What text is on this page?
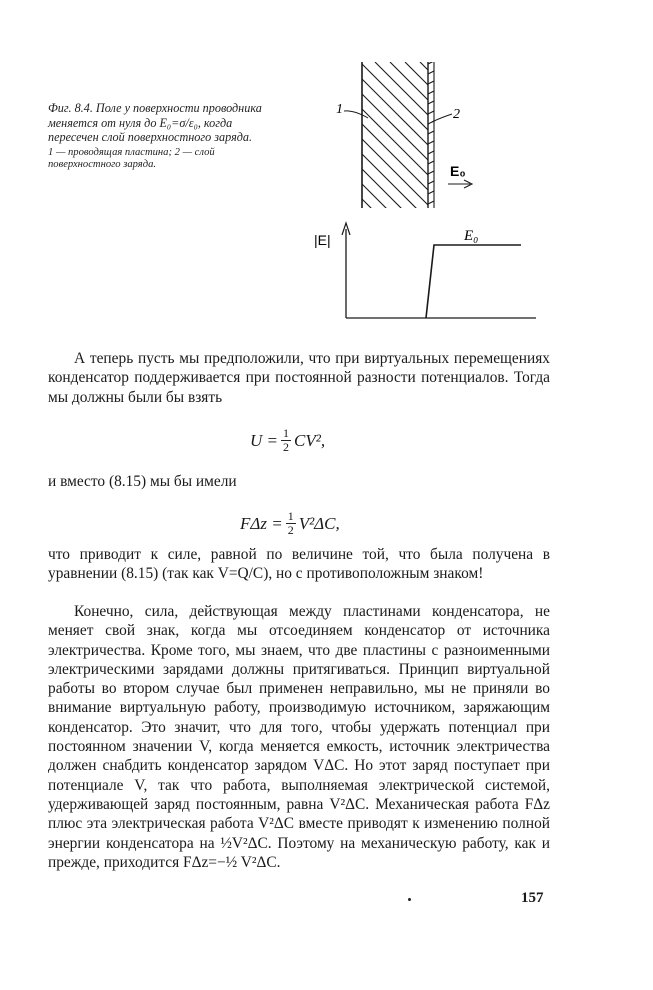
Фиг. 8.4. Поле у поверхности проводника меняется от нуля до E₀=σ/ε₀, когда пересечен слой поверхностного заряда.
1 — проводящая пластина; 2 — слой поверхностного заряда.
1	2
E₀
|E|	E₀

А теперь пусть мы предположили, что при виртуальных перемещениях конденсатор поддерживается при постоянной разности потенциалов. Тогда мы должны были бы взять

$U = \frac{1}{2} CV^2$,

и вместо (8.15) мы бы имели

$F\Delta z = \frac{1}{2} V^2\Delta C$,

что приводит к силе, равной по величине той, что была получена в уравнении (8.15) (так как V=Q/C), но с противоположным знаком!

Конечно, сила, действующая между пластинами конденсатора, не меняет свой знак, когда мы отсоединяем конденсатор от источника электричества. Кроме того, мы знаем, что две пластины с разноименными электрическими зарядами должны притягиваться. Принцип виртуальной работы во втором случае был применен неправильно, мы не приняли во внимание виртуальную работу, производимую источником, заряжающим конденсатор. Это значит, что для того, чтобы удержать потенциал при постоянном значении V, когда меняется емкость, источник электричества должен снабдить конденсатор зарядом VΔC. Но этот заряд поступает при потенциале V, так что работа, выполняемая электрической системой, удерживающей заряд постоянным, равна V²ΔC. Механическая работа FΔz плюс эта электрическая работа V²ΔC вместе приводят к изменению полной энергии конденсатора на ½V²ΔC. Поэтому на механическую работу, как и прежде, приходится FΔz=−½ V²ΔC.

157
